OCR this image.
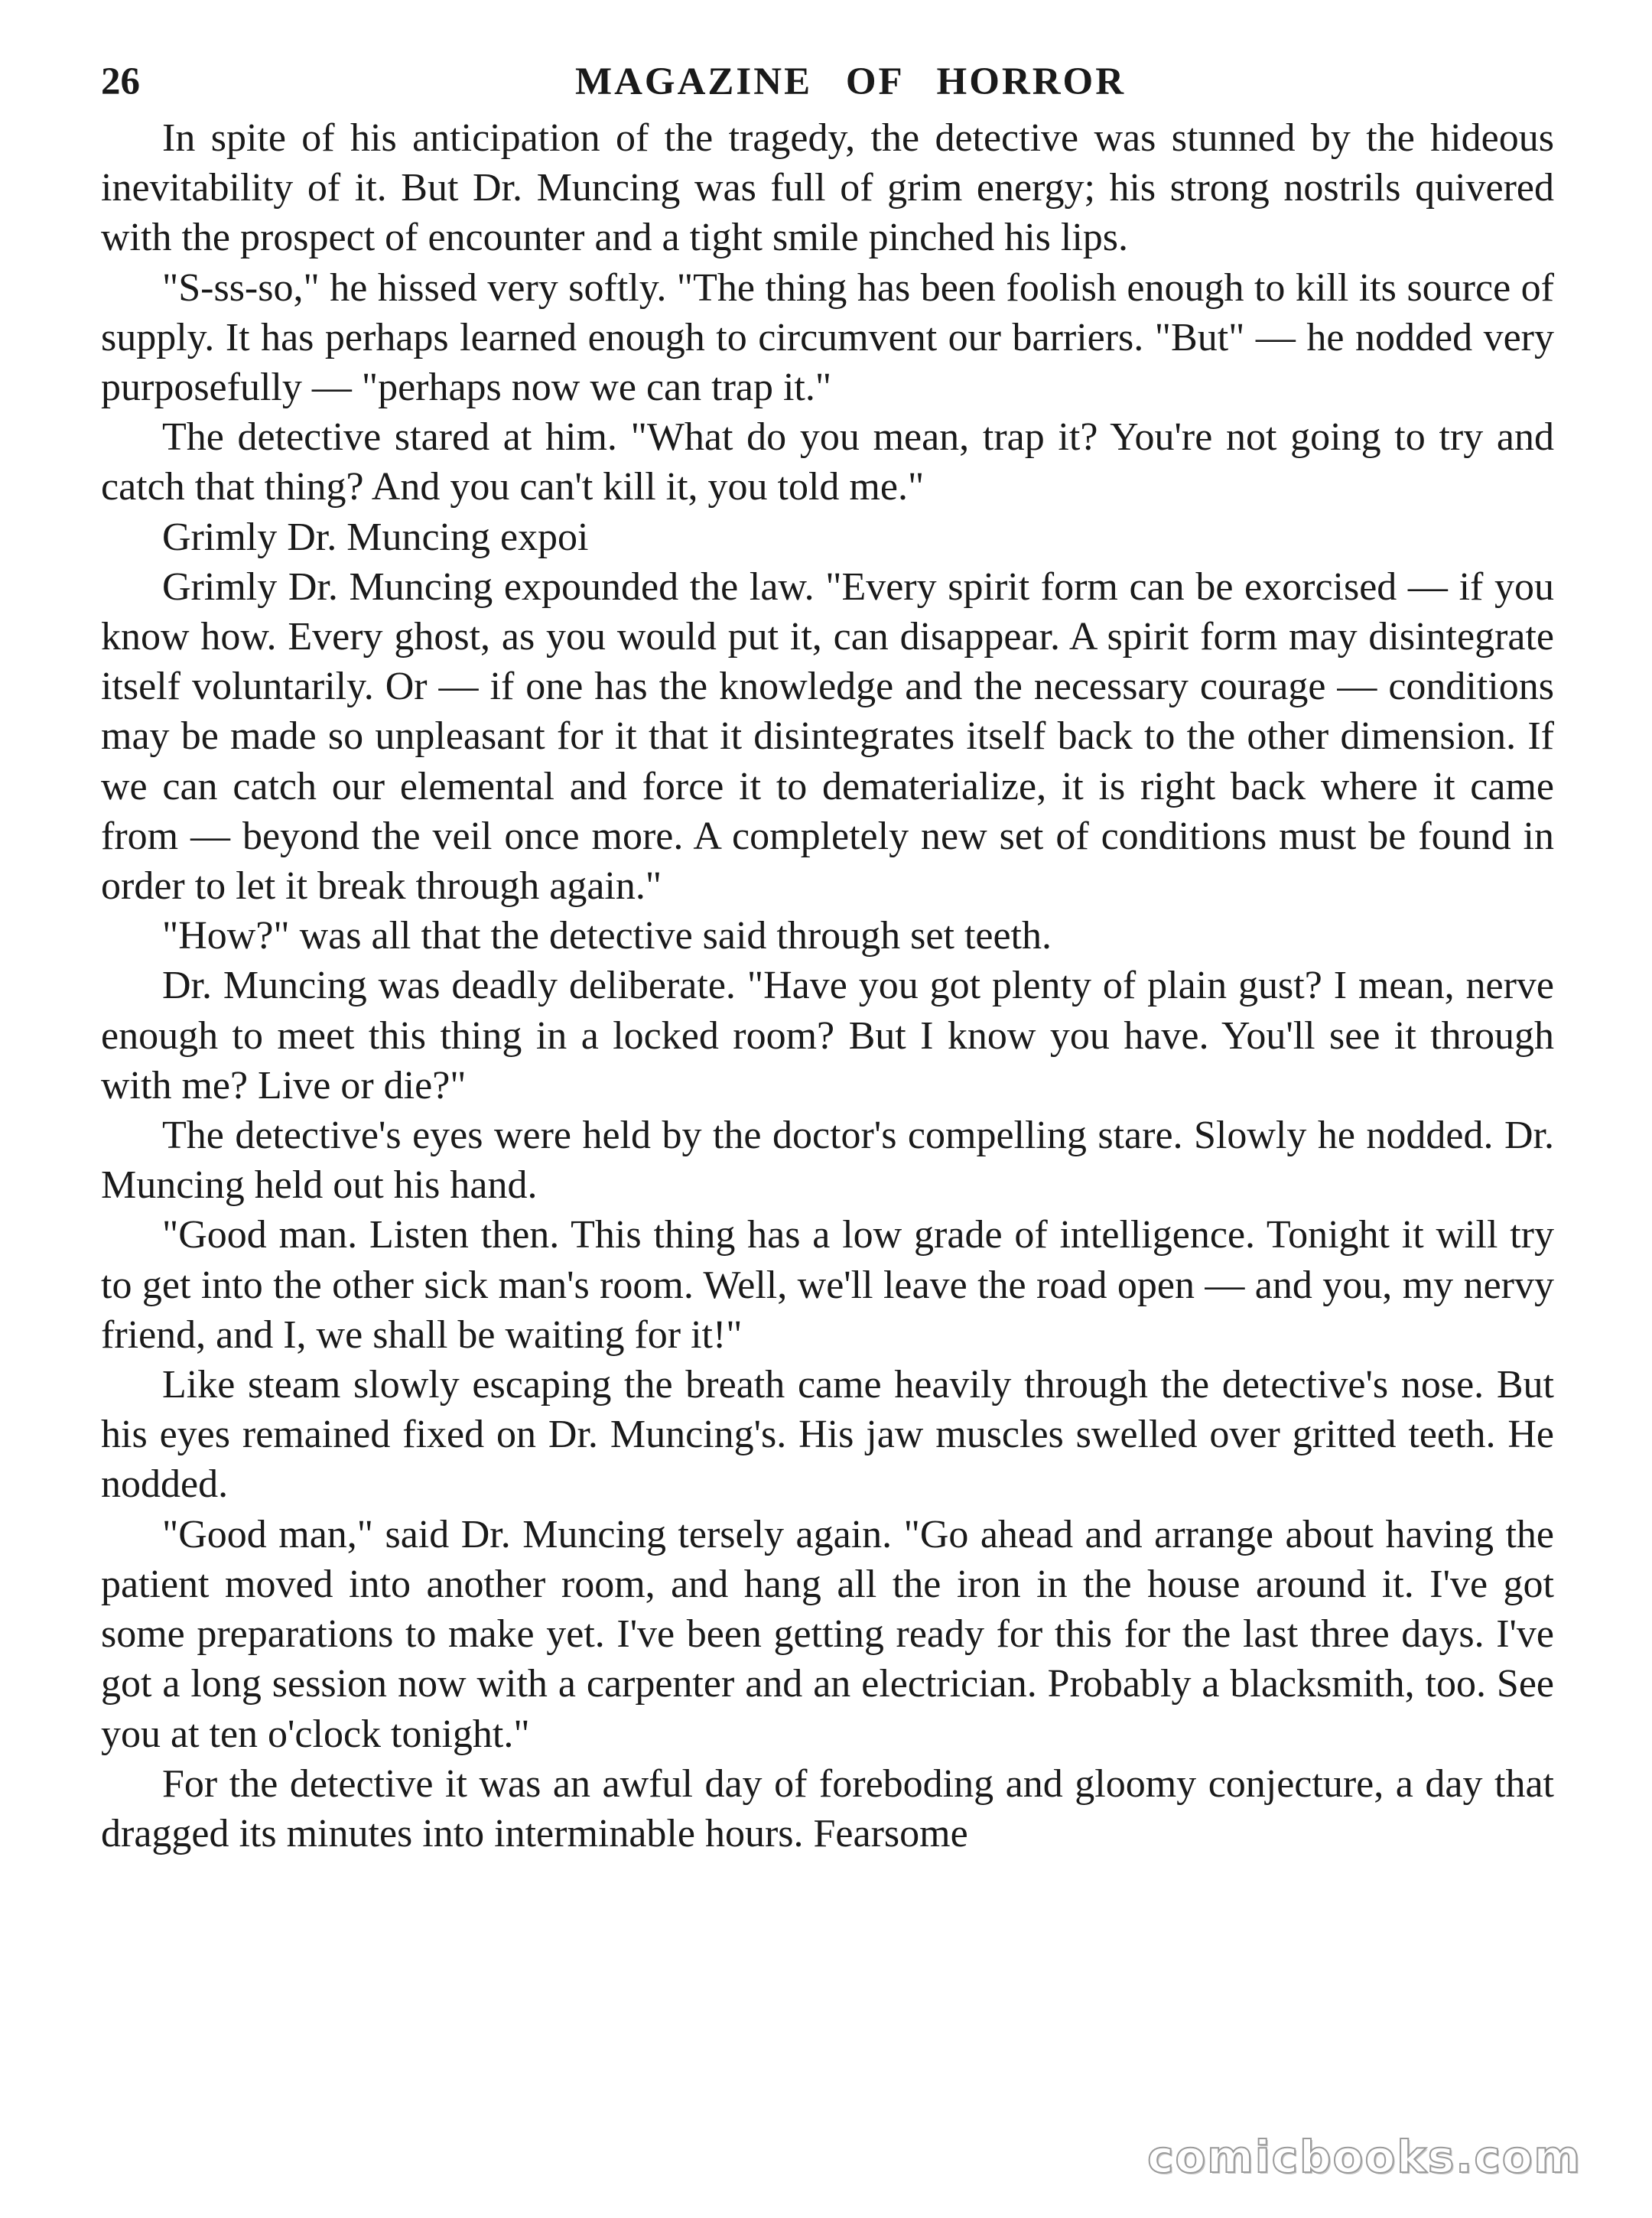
26	MAGAZINE OF HORROR

In spite of his anticipation of the tragedy, the detective was stunned by the hideous inevitability of it. But Dr. Muncing was full of grim energy; his strong nostrils quivered with the prospect of encounter and a tight smile pinched his lips.

"S-ss-so," he hissed very softly. "The thing has been foolish enough to kill its source of supply. It has perhaps learned enough to circumvent our barriers. "But" — he nodded very purposefully — "perhaps now we can trap it."

The detective stared at him. "What do you mean, trap it? You're not going to try and catch that thing? And you can't kill it, you told me."

Grimly Dr. Muncing expoi

Grimly Dr. Muncing expounded the law. "Every spirit form can be exorcised — if you know how. Every ghost, as you would put it, can disappear. A spirit form may disintegrate itself voluntarily. Or — if one has the knowledge and the necessary courage — conditions may be made so unpleasant for it that it disintegrates itself back to the other dimension. If we can catch our elemental and force it to dematerialize, it is right back where it came from — beyond the veil once more. A completely new set of conditions must be found in order to let it break through again."

"How?" was all that the detective said through set teeth.

Dr. Muncing was deadly deliberate. "Have you got plenty of plain gust? I mean, nerve enough to meet this thing in a locked room? But I know you have. You'll see it through with me? Live or die?"

The detective's eyes were held by the doctor's compelling stare. Slowly he nodded. Dr. Muncing held out his hand.

"Good man. Listen then. This thing has a low grade of intelligence. Tonight it will try to get into the other sick man's room. Well, we'll leave the road open — and you, my nervy friend, and I, we shall be waiting for it!"

Like steam slowly escaping the breath came heavily through the detective's nose. But his eyes remained fixed on Dr. Muncing's. His jaw muscles swelled over gritted teeth. He nodded.

"Good man," said Dr. Muncing tersely again. "Go ahead and arrange about having the patient moved into another room, and hang all the iron in the house around it. I've got some preparations to make yet. I've been getting ready for this for the last three days. I've got a long session now with a carpenter and an electrician. Probably a blacksmith, too. See you at ten o'clock tonight."

For the detective it was an awful day of foreboding and gloomy conjecture, a day that dragged its minutes into interminable hours. Fearsome

comicbooks.com
